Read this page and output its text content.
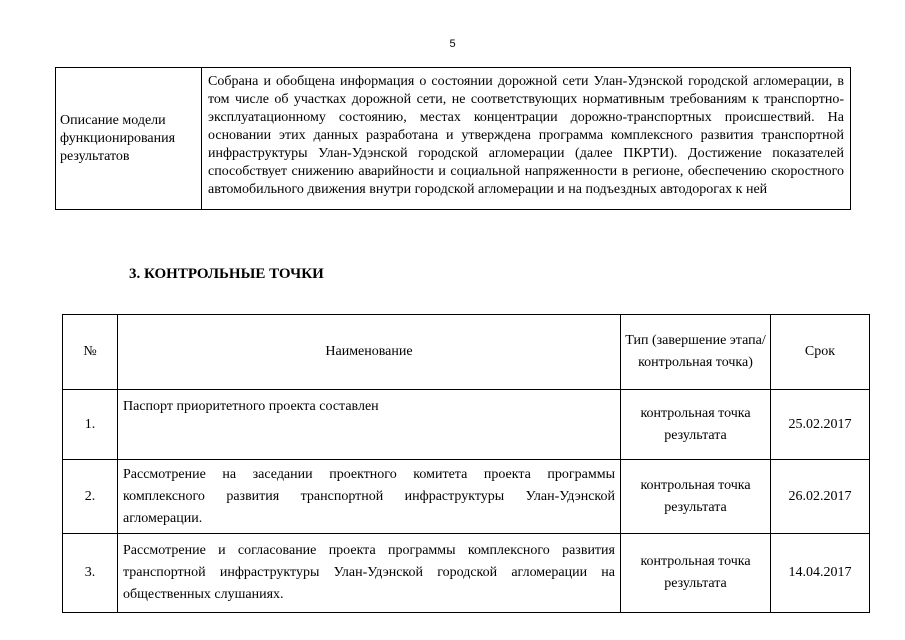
5
Описание модели функционирования результатов	Собрана и обобщена информация о состоянии дорожной сети Улан-Удэнской городской агломерации, в том числе об участках дорожной сети, не соответствующих нормативным требованиям к транспортно-эксплуатационному состоянию, местах концентрации дорожно-транспортных происшествий. На основании этих данных разработана и утверждена программа комплексного развития транспортной инфраструктуры Улан-Удэнской городской агломерации (далее ПКРТИ). Достижение показателей способствует снижению аварийности и социальной напряженности в регионе, обеспечению скоростного автомобильного движения внутри городской агломерации и на подъездных автодорогах к ней
3. КОНТРОЛЬНЫЕ ТОЧКИ
№	Наименование	Тип (завершение этапа/контрольная точка)	Срок
1.	Паспорт приоритетного проекта составлен	контрольная точка результата	25.02.2017
2.	Рассмотрение на заседании проектного комитета проекта программы комплексного развития транспортной инфраструктуры Улан-Удэнской агломерации.	контрольная точка результата	26.02.2017
3.	Рассмотрение и согласование проекта программы комплексного развития транспортной инфраструктуры Улан-Удэнской городской агломерации на общественных слушаниях.	контрольная точка результата	14.04.2017
